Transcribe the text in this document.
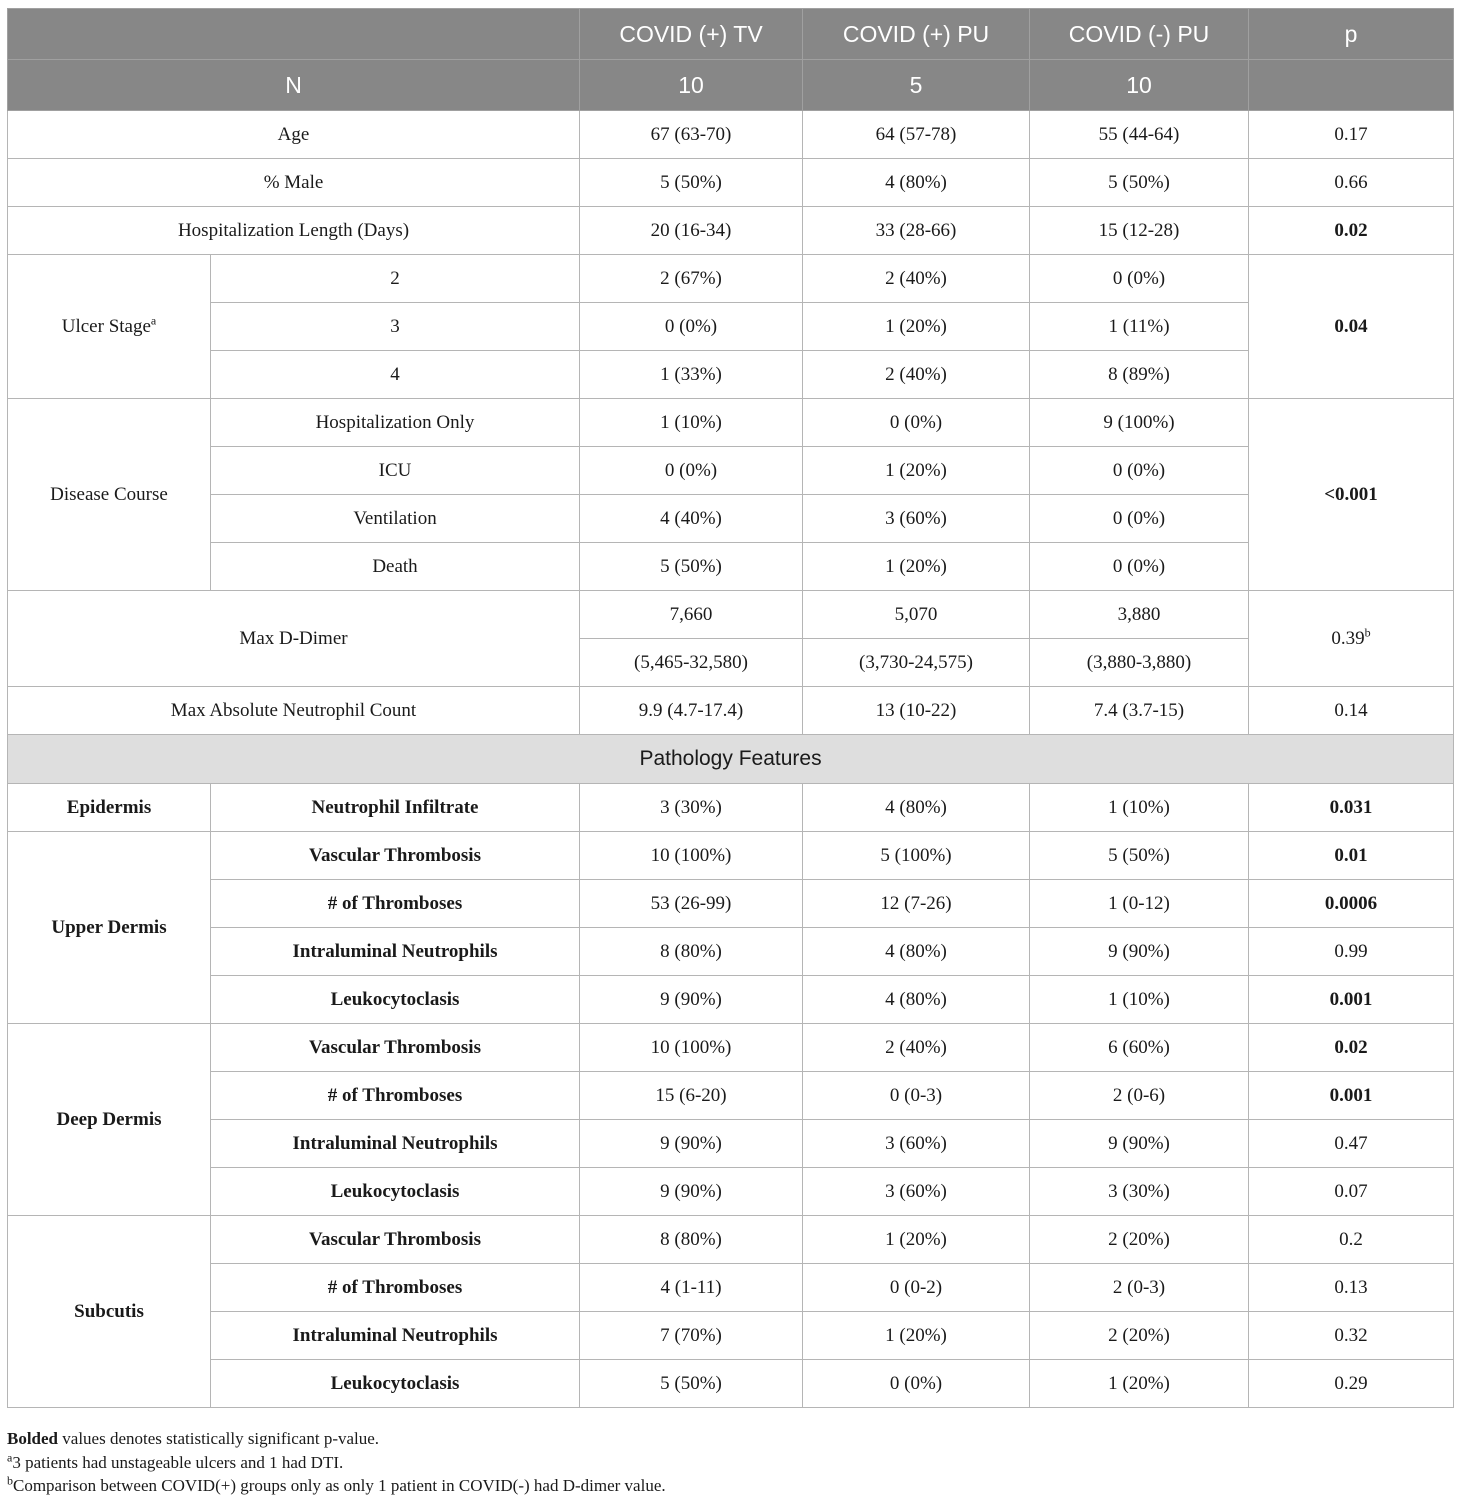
		COVID (+) TV	COVID (+) PU	COVID (-) PU	p
N		10	5	10	
Age		67 (63-70)	64 (57-78)	55 (44-64)	0.17
% Male		5 (50%)	4 (80%)	5 (50%)	0.66
Hospitalization Length (Days)		20 (16-34)	33 (28-66)	15 (12-28)	0.02
Ulcer Stage$^a$	2	2 (67%)	2 (40%)	0 (0%)	0.04
	3	0 (0%)	1 (20%)	1 (11%)	
	4	1 (33%)	2 (40%)	8 (89%)	
Disease Course	Hospitalization Only	1 (10%)	0 (0%)	9 (100%)	<0.001
	ICU	0 (0%)	1 (20%)	0 (0%)	
	Ventilation	4 (40%)	3 (60%)	0 (0%)	
	Death	5 (50%)	1 (20%)	0 (0%)	
Max D-Dimer		7,660	5,070	3,880	0.39$^b$
		(5,465-32,580)	(3,730-24,575)	(3,880-3,880)	
Max Absolute Neutrophil Count		9.9 (4.7-17.4)	13 (10-22)	7.4 (3.7-15)	0.14
Pathology Features					
Epidermis	Neutrophil Infiltrate	3 (30%)	4 (80%)	1 (10%)	0.031
Upper Dermis	Vascular Thrombosis	10 (100%)	5 (100%)	5 (50%)	0.01
	# of Thromboses	53 (26-99)	12 (7-26)	1 (0-12)	0.0006
	Intraluminal Neutrophils	8 (80%)	4 (80%)	9 (90%)	0.99
	Leukocytoclasis	9 (90%)	4 (80%)	1 (10%)	0.001
Deep Dermis	Vascular Thrombosis	10 (100%)	2 (40%)	6 (60%)	0.02
	# of Thromboses	15 (6-20)	0 (0-3)	2 (0-6)	0.001
	Intraluminal Neutrophils	9 (90%)	3 (60%)	9 (90%)	0.47
	Leukocytoclasis	9 (90%)	3 (60%)	3 (30%)	0.07
Subcutis	Vascular Thrombosis	8 (80%)	1 (20%)	2 (20%)	0.2
	# of Thromboses	4 (1-11)	0 (0-2)	2 (0-3)	0.13
	Intraluminal Neutrophils	7 (70%)	1 (20%)	2 (20%)	0.32
	Leukocytoclasis	5 (50%)	0 (0%)	1 (20%)	0.29
Bolded values denotes statistically significant p-value.
$^a$3 patients had unstageable ulcers and 1 had DTI.
$^b$Comparison between COVID(+) groups only as only 1 patient in COVID(-) had D-dimer value.
